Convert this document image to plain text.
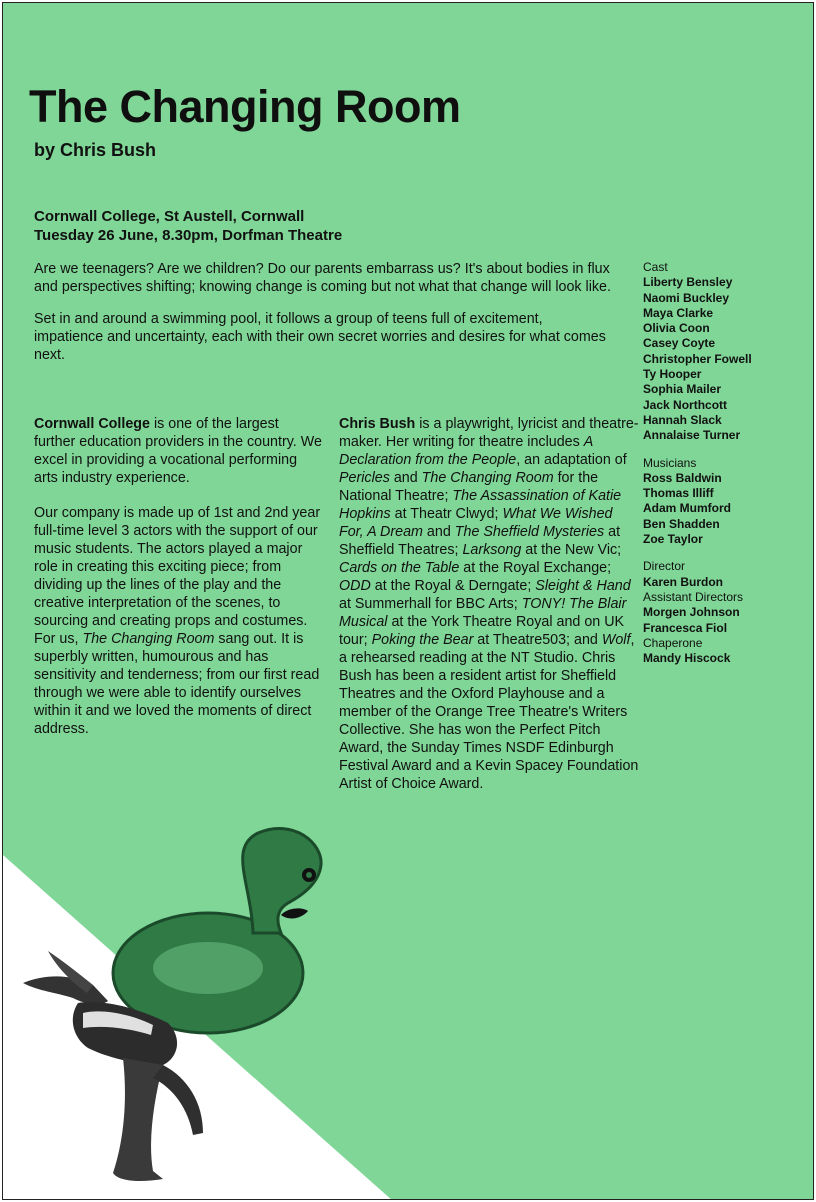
The Changing Room

by Chris Bush

Cornwall College, St Austell, Cornwall
Tuesday 26 June, 8.30pm, Dorfman Theatre

Are we teenagers? Are we children? Do our parents embarrass us? It's about bodies in flux and perspectives shifting; knowing change is coming but not what that change will look like.

Set in and around a swimming pool, it follows a group of teens full of excitement, impatience and uncertainty, each with their own secret worries and desires for what comes next.

Cornwall College is one of the largest further education providers in the country. We excel in providing a vocational performing arts industry experience.

Our company is made up of 1st and 2nd year full-time level 3 actors with the support of our music students. The actors played a major role in creating this exciting piece; from dividing up the lines of the play and the creative interpretation of the scenes, to sourcing and creating props and costumes. For us, The Changing Room sang out. It is superbly written, humourous and has sensitivity and tenderness; from our first read through we were able to identify ourselves within it and we loved the moments of direct address.

Chris Bush is a playwright, lyricist and theatre-maker. Her writing for theatre includes A Declaration from the People, an adaptation of Pericles and The Changing Room for the National Theatre; The Assassination of Katie Hopkins at Theatr Clwyd; What We Wished For, A Dream and The Sheffield Mysteries at Sheffield Theatres; Larksong at the New Vic; Cards on the Table at the Royal Exchange; ODD at the Royal & Derngate; Sleight & Hand at Summerhall for BBC Arts; TONY! The Blair Musical at the York Theatre Royal and on UK tour; Poking the Bear at Theatre503; and Wolf, a rehearsed reading at the NT Studio. Chris Bush has been a resident artist for Sheffield Theatres and the Oxford Playhouse and a member of the Orange Tree Theatre's Writers Collective. She has won the Perfect Pitch Award, the Sunday Times NSDF Edinburgh Festival Award and a Kevin Spacey Foundation Artist of Choice Award.

Cast
Liberty Bensley
Naomi Buckley
Maya Clarke
Olivia Coon
Casey Coyte
Christopher Fowell
Ty Hooper
Sophia Mailer
Jack Northcott
Hannah Slack
Annalaise Turner
Musicians
Ross Baldwin
Thomas Illiff
Adam Mumford
Ben Shadden
Zoe Taylor
Director
Karen Burdon
Assistant Directors
Morgen Johnson
Francesca Fiol
Chaperone
Mandy Hiscock
